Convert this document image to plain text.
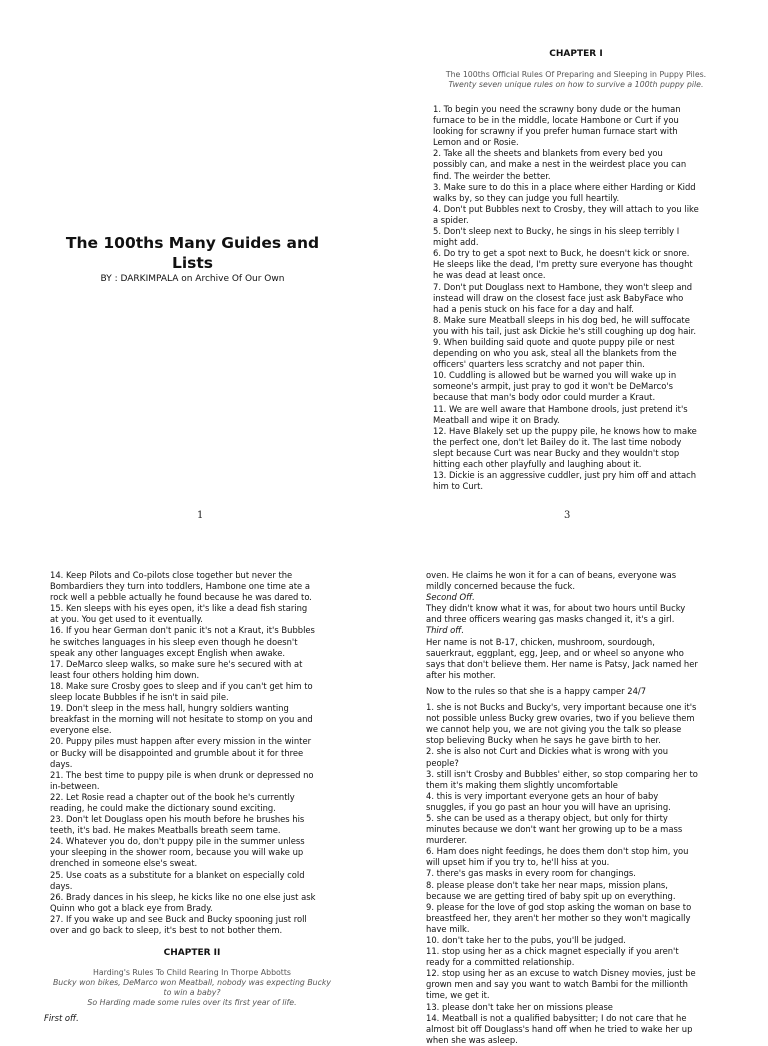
The 100ths Many Guides and
Lists
BY : DARKIMPALA on Archive Of Our Own
1
CHAPTER I
The 100ths Official Rules Of Preparing and Sleeping in Puppy Piles.
Twenty seven unique rules on how to survive a 100th puppy pile.
1. To begin you need the scrawny bony dude or the human
furnace to be in the middle, locate Hambone or Curt if you
looking for scrawny if you prefer human furnace start with
Lemon and or Rosie.
2. Take all the sheets and blankets from every bed you
possibly can, and make a nest in the weirdest place you can
find. The weirder the better.
3. Make sure to do this in a place where either Harding or Kidd
walks by, so they can judge you full heartily.
4. Don't put Bubbles next to Crosby, they will attach to you like
a spider.
5. Don't sleep next to Bucky, he sings in his sleep terribly I
might add.
6. Do try to get a spot next to Buck, he doesn't kick or snore.
He sleeps like the dead, I'm pretty sure everyone has thought
he was dead at least once.
7. Don't put Douglass next to Hambone, they won't sleep and
instead will draw on the closest face just ask BabyFace who
had a penis stuck on his face for a day and half.
8. Make sure Meatball sleeps in his dog bed, he will suffocate
you with his tail, just ask Dickie he's still coughing up dog hair.
9. When building said quote and quote puppy pile or nest
depending on who you ask, steal all the blankets from the
officers' quarters less scratchy and not paper thin.
10. Cuddling is allowed but be warned you will wake up in
someone's armpit, just pray to god it won't be DeMarco's
because that man's body odor could murder a Kraut.
11. We are well aware that Hambone drools, just pretend it's
Meatball and wipe it on Brady.
12. Have Blakely set up the puppy pile, he knows how to make
the perfect one, don't let Bailey do it. The last time nobody
slept because Curt was near Bucky and they wouldn't stop
hitting each other playfully and laughing about it.
13. Dickie is an aggressive cuddler, just pry him off and attach
him to Curt.
3
14. Keep Pilots and Co-pilots close together but never the
Bombardiers they turn into toddlers, Hambone one time ate a
rock well a pebble actually he found because he was dared to.
15. Ken sleeps with his eyes open, it's like a dead fish staring
at you. You get used to it eventually.
16. If you hear German don't panic it's not a Kraut, it's Bubbles
he switches languages in his sleep even though he doesn't
speak any other languages except English when awake.
17. DeMarco sleep walks, so make sure he's secured with at
least four others holding him down.
18. Make sure Crosby goes to sleep and if you can't get him to
sleep locate Bubbles if he isn't in said pile.
19. Don't sleep in the mess hall, hungry soldiers wanting
breakfast in the morning will not hesitate to stomp on you and
everyone else.
20. Puppy piles must happen after every mission in the winter
or Bucky will be disappointed and grumble about it for three
days.
21. The best time to puppy pile is when drunk or depressed no
in-between.
22. Let Rosie read a chapter out of the book he's currently
reading, he could make the dictionary sound exciting.
23. Don't let Douglass open his mouth before he brushes his
teeth, it's bad. He makes Meatballs breath seem tame.
24. Whatever you do, don't puppy pile in the summer unless
your sleeping in the shower room, because you will wake up
drenched in someone else's sweat.
25. Use coats as a substitute for a blanket on especially cold
days.
26. Brady dances in his sleep, he kicks like no one else just ask
Quinn who got a black eye from Brady.
27. If you wake up and see Buck and Bucky spooning just roll
over and go back to sleep, it's best to not bother them.
CHAPTER II
Harding's Rules To Child Rearing In Thorpe Abbotts
Bucky won bikes, DeMarco won Meatball, nobody was expecting Bucky
to win a baby?
So Harding made some rules over its first year of life.
First off.
oven. He claims he won it for a can of beans, everyone was
mildly concerned because the fuck.
Second Off.
They didn't know what it was, for about two hours until Bucky
and three officers wearing gas masks changed it, it's a girl.
Third off.
Her name is not B-17, chicken, mushroom, sourdough,
sauerkraut, eggplant, egg, Jeep, and or wheel so anyone who
says that don't believe them. Her name is Patsy, Jack named her
after his mother.
Now to the rules so that she is a happy camper 24/7
1. she is not Bucks and Bucky's, very important because one it's
not possible unless Bucky grew ovaries, two if you believe them
we cannot help you, we are not giving you the talk so please
stop believing Bucky when he says he gave birth to her.
2. she is also not Curt and Dickies what is wrong with you
people?
3. still isn't Crosby and Bubbles' either, so stop comparing her to
them it's making them slightly uncomfortable
4. this is very important everyone gets an hour of baby
snuggles, if you go past an hour you will have an uprising.
5. she can be used as a therapy object, but only for thirty
minutes because we don't want her growing up to be a mass
murderer.
6. Ham does night feedings, he does them don't stop him, you
will upset him if you try to, he'll hiss at you.
7. there's gas masks in every room for changings.
8. please please don't take her near maps, mission plans,
because we are getting tired of baby spit up on everything.
9. please for the love of god stop asking the woman on base to
breastfeed her, they aren't her mother so they won't magically
have milk.
10. don't take her to the pubs, you'll be judged.
11. stop using her as a chick magnet especially if you aren't
ready for a committed relationship.
12. stop using her as an excuse to watch Disney movies, just be
grown men and say you want to watch Bambi for the millionth
time, we get it.
13. please don't take her on missions please
14. Meatball is not a qualified babysitter; I do not care that he
almost bit off Douglass's hand off when he tried to wake her up
when she was asleep.
